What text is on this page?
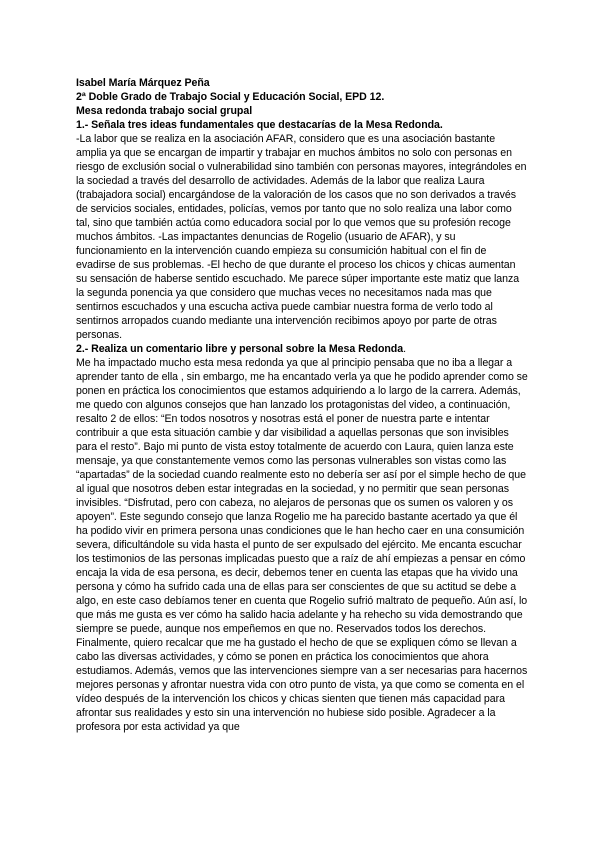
Isabel María Márquez Peña

2ª Doble Grado de Trabajo Social y Educación Social, EPD 12.

Mesa redonda trabajo social grupal

1.- Señala tres ideas fundamentales que destacarías de la Mesa Redonda.

-La labor que se realiza en la asociación AFAR, considero que es una asociación bastante amplia ya que se encargan de impartir y trabajar en muchos ámbitos no solo con personas en riesgo de exclusión social o vulnerabilidad sino también con personas mayores, integrándoles en la sociedad a través del desarrollo de actividades. Además de la labor que realiza Laura (trabajadora social) encargándose de la valoración de los casos que no son derivados a través de servicios sociales, entidades, policías, vemos por tanto que no solo realiza una labor como tal, sino que también actúa como educadora social por lo que vemos que su profesión recoge muchos ámbitos. -Las impactantes denuncias de Rogelio (usuario de AFAR), y su funcionamiento en la intervención cuando empieza su consumición habitual con el fin de evadirse de sus problemas. -El hecho de que durante el proceso los chicos y chicas aumentan su sensación de haberse sentido escuchado. Me parece súper importante este matiz que lanza la segunda ponencia ya que considero que muchas veces no necesitamos nada mas que sentirnos escuchados y una escucha activa puede cambiar nuestra forma de verlo todo al sentirnos arropados cuando mediante una intervención recibimos apoyo por parte de otras personas.

2.- Realiza un comentario libre y personal sobre la Mesa Redonda.

Me ha impactado mucho esta mesa redonda ya que al principio pensaba que no iba a llegar a aprender tanto de ella , sin embargo, me ha encantado verla ya que he podido aprender como se ponen en práctica los conocimientos que estamos adquiriendo a lo largo de la carrera. Además, me quedo con algunos consejos que han lanzado los protagonistas del video, a continuación, resalto 2 de ellos: “En todos nosotros y nosotras está el poner de nuestra parte e intentar contribuir a que esta situación cambie y dar visibilidad a aquellas personas que son invisibles para el resto”. Bajo mi punto de vista estoy totalmente de acuerdo con Laura, quien lanza este mensaje, ya que constantemente vemos como las personas vulnerables son vistas como las “apartadas” de la sociedad cuando realmente esto no debería ser así por el simple hecho de que al igual que nosotros deben estar integradas en la sociedad, y no permitir que sean personas invisibles. “Disfrutad, pero con cabeza, no alejaros de personas que os sumen os valoren y os apoyen”. Este segundo consejo que lanza Rogelio me ha parecido bastante acertado ya que él ha podido vivir en primera persona unas condiciones que le han hecho caer en una consumición severa, dificultándole su vida hasta el punto de ser expulsado del ejército. Me encanta escuchar los testimonios de las personas implicadas puesto que a raíz de ahí empiezas a pensar en cómo encaja la vida de esa persona, es decir, debemos tener en cuenta las etapas que ha vivido una persona y cómo ha sufrido cada una de ellas para ser conscientes de que su actitud se debe a algo, en este caso debíamos tener en cuenta que Rogelio sufrió maltrato de pequeño. Aún así, lo que más me gusta es ver cómo ha salido hacia adelante y ha rehecho su vida demostrando que siempre se puede, aunque nos empeñemos en que no. Reservados todos los derechos. Finalmente, quiero recalcar que me ha gustado el hecho de que se expliquen cómo se llevan a cabo las diversas actividades, y cómo se ponen en práctica los conocimientos que ahora estudiamos. Además, vemos que las intervenciones siempre van a ser necesarias para hacernos mejores personas y afrontar nuestra vida con otro punto de vista, ya que como se comenta en el vídeo después de la intervención los chicos y chicas sienten que tienen más capacidad para afrontar sus realidades y esto sin una intervención no hubiese sido posible. Agradecer a la profesora por esta actividad ya que
